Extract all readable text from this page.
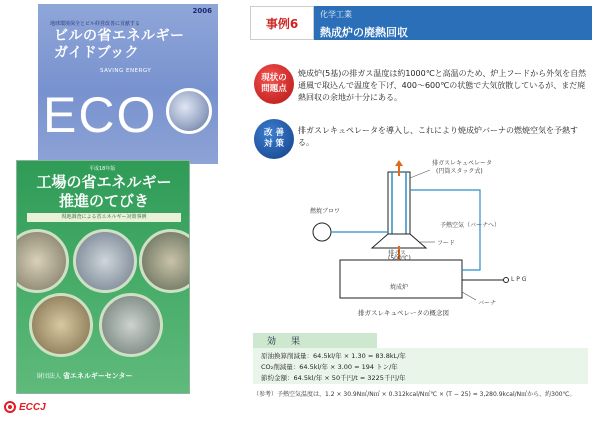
2006
地球環境保全とビル経営改善に貢献する
ビルの省エネルギー
ガイドブック
SAVING ENERGY
ECO
平成18年版
工場の省エネルギー
推進のてびき
現地調査による省エネルギー対策事例
財団法人 省エネルギーセンター
ECCJ
事例6
化学工業
熱成炉の廃熱回収
現状の
問題点
焼成炉(5基)の排ガス温度は約1000℃と高温のため、炉上フードから外気を自然通風で取込んで温度を下げ、400～600℃の状態で大気放散しているが、まだ廃熱回収の余地が十分にある。
改 善
対 策
排ガスレキュペレータを導入し、これにより焼成炉バーナの燃焼空気を予熱する。
排ガスレキュペレータ
(円筒スタック式)
燃焼ブロワ
予熱空気（バーナへ）
フード
排ガス
(500℃)
L P G
焼成炉
バーナ
排ガスレキュペレータの概念図
効　果
原油換算削減量：64.5kl/年 × 1.30 = 83.8kL/年
CO₂削減量：64.5kl/年 × 3.00 = 194 トン/年
節約金額：64.5kl/年 × 50千円/t = 3225千円/年
（参考）予熱空気温度は、1.2 × 30.9N㎥/N㎥ × 0.312kcal/N㎥℃ × (T − 25) = 3,280.9kcal/N㎥から、約300℃。
